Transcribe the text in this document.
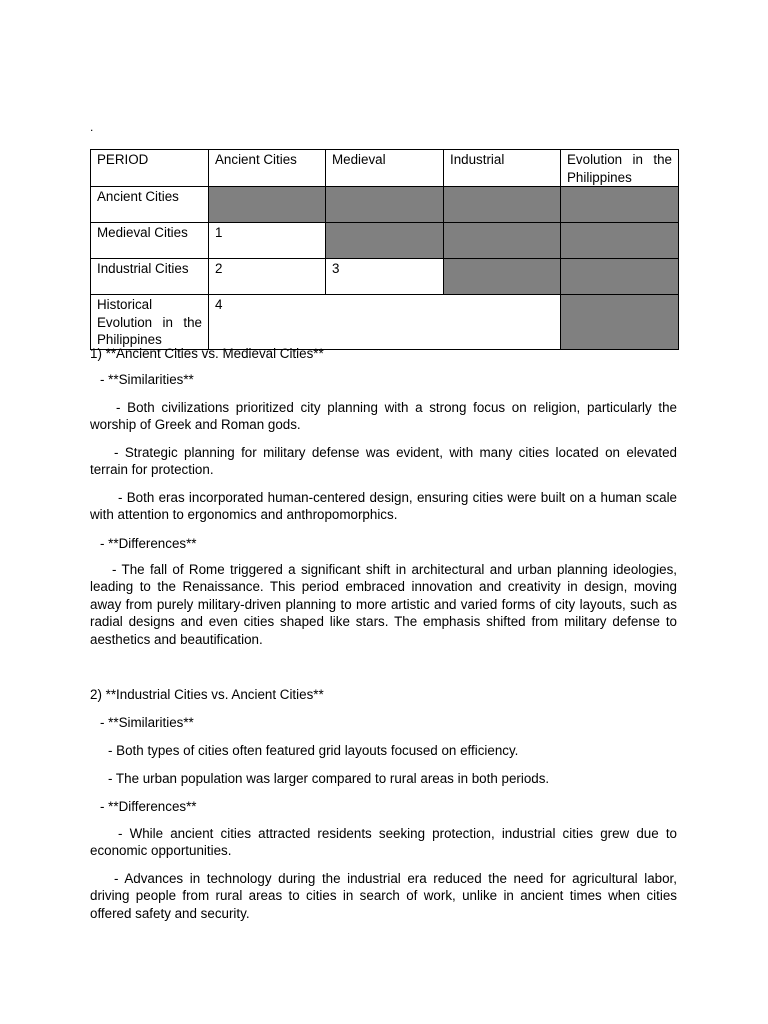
.
PERIOD	Ancient Cities	Medieval	Industrial	Evolution in the Philippines
Ancient Cities				
Medieval Cities	1			
Industrial Cities	2	3		
Historical Evolution in the Philippines	4			
1) **Ancient Cities vs. Medieval Cities**
- **Similarities**
- Both civilizations prioritized city planning with a strong focus on religion, particularly the worship of Greek and Roman gods.
- Strategic planning for military defense was evident, with many cities located on elevated terrain for protection.
- Both eras incorporated human-centered design, ensuring cities were built on a human scale with attention to ergonomics and anthropomorphics.
- **Differences**
- The fall of Rome triggered a significant shift in architectural and urban planning ideologies, leading to the Renaissance. This period embraced innovation and creativity in design, moving away from purely military-driven planning to more artistic and varied forms of city layouts, such as radial designs and even cities shaped like stars. The emphasis shifted from military defense to aesthetics and beautification.
2) **Industrial Cities vs. Ancient Cities**
- **Similarities**
- Both types of cities often featured grid layouts focused on efficiency.
- The urban population was larger compared to rural areas in both periods.
- **Differences**
- While ancient cities attracted residents seeking protection, industrial cities grew due to economic opportunities.
- Advances in technology during the industrial era reduced the need for agricultural labor, driving people from rural areas to cities in search of work, unlike in ancient times when cities offered safety and security.
